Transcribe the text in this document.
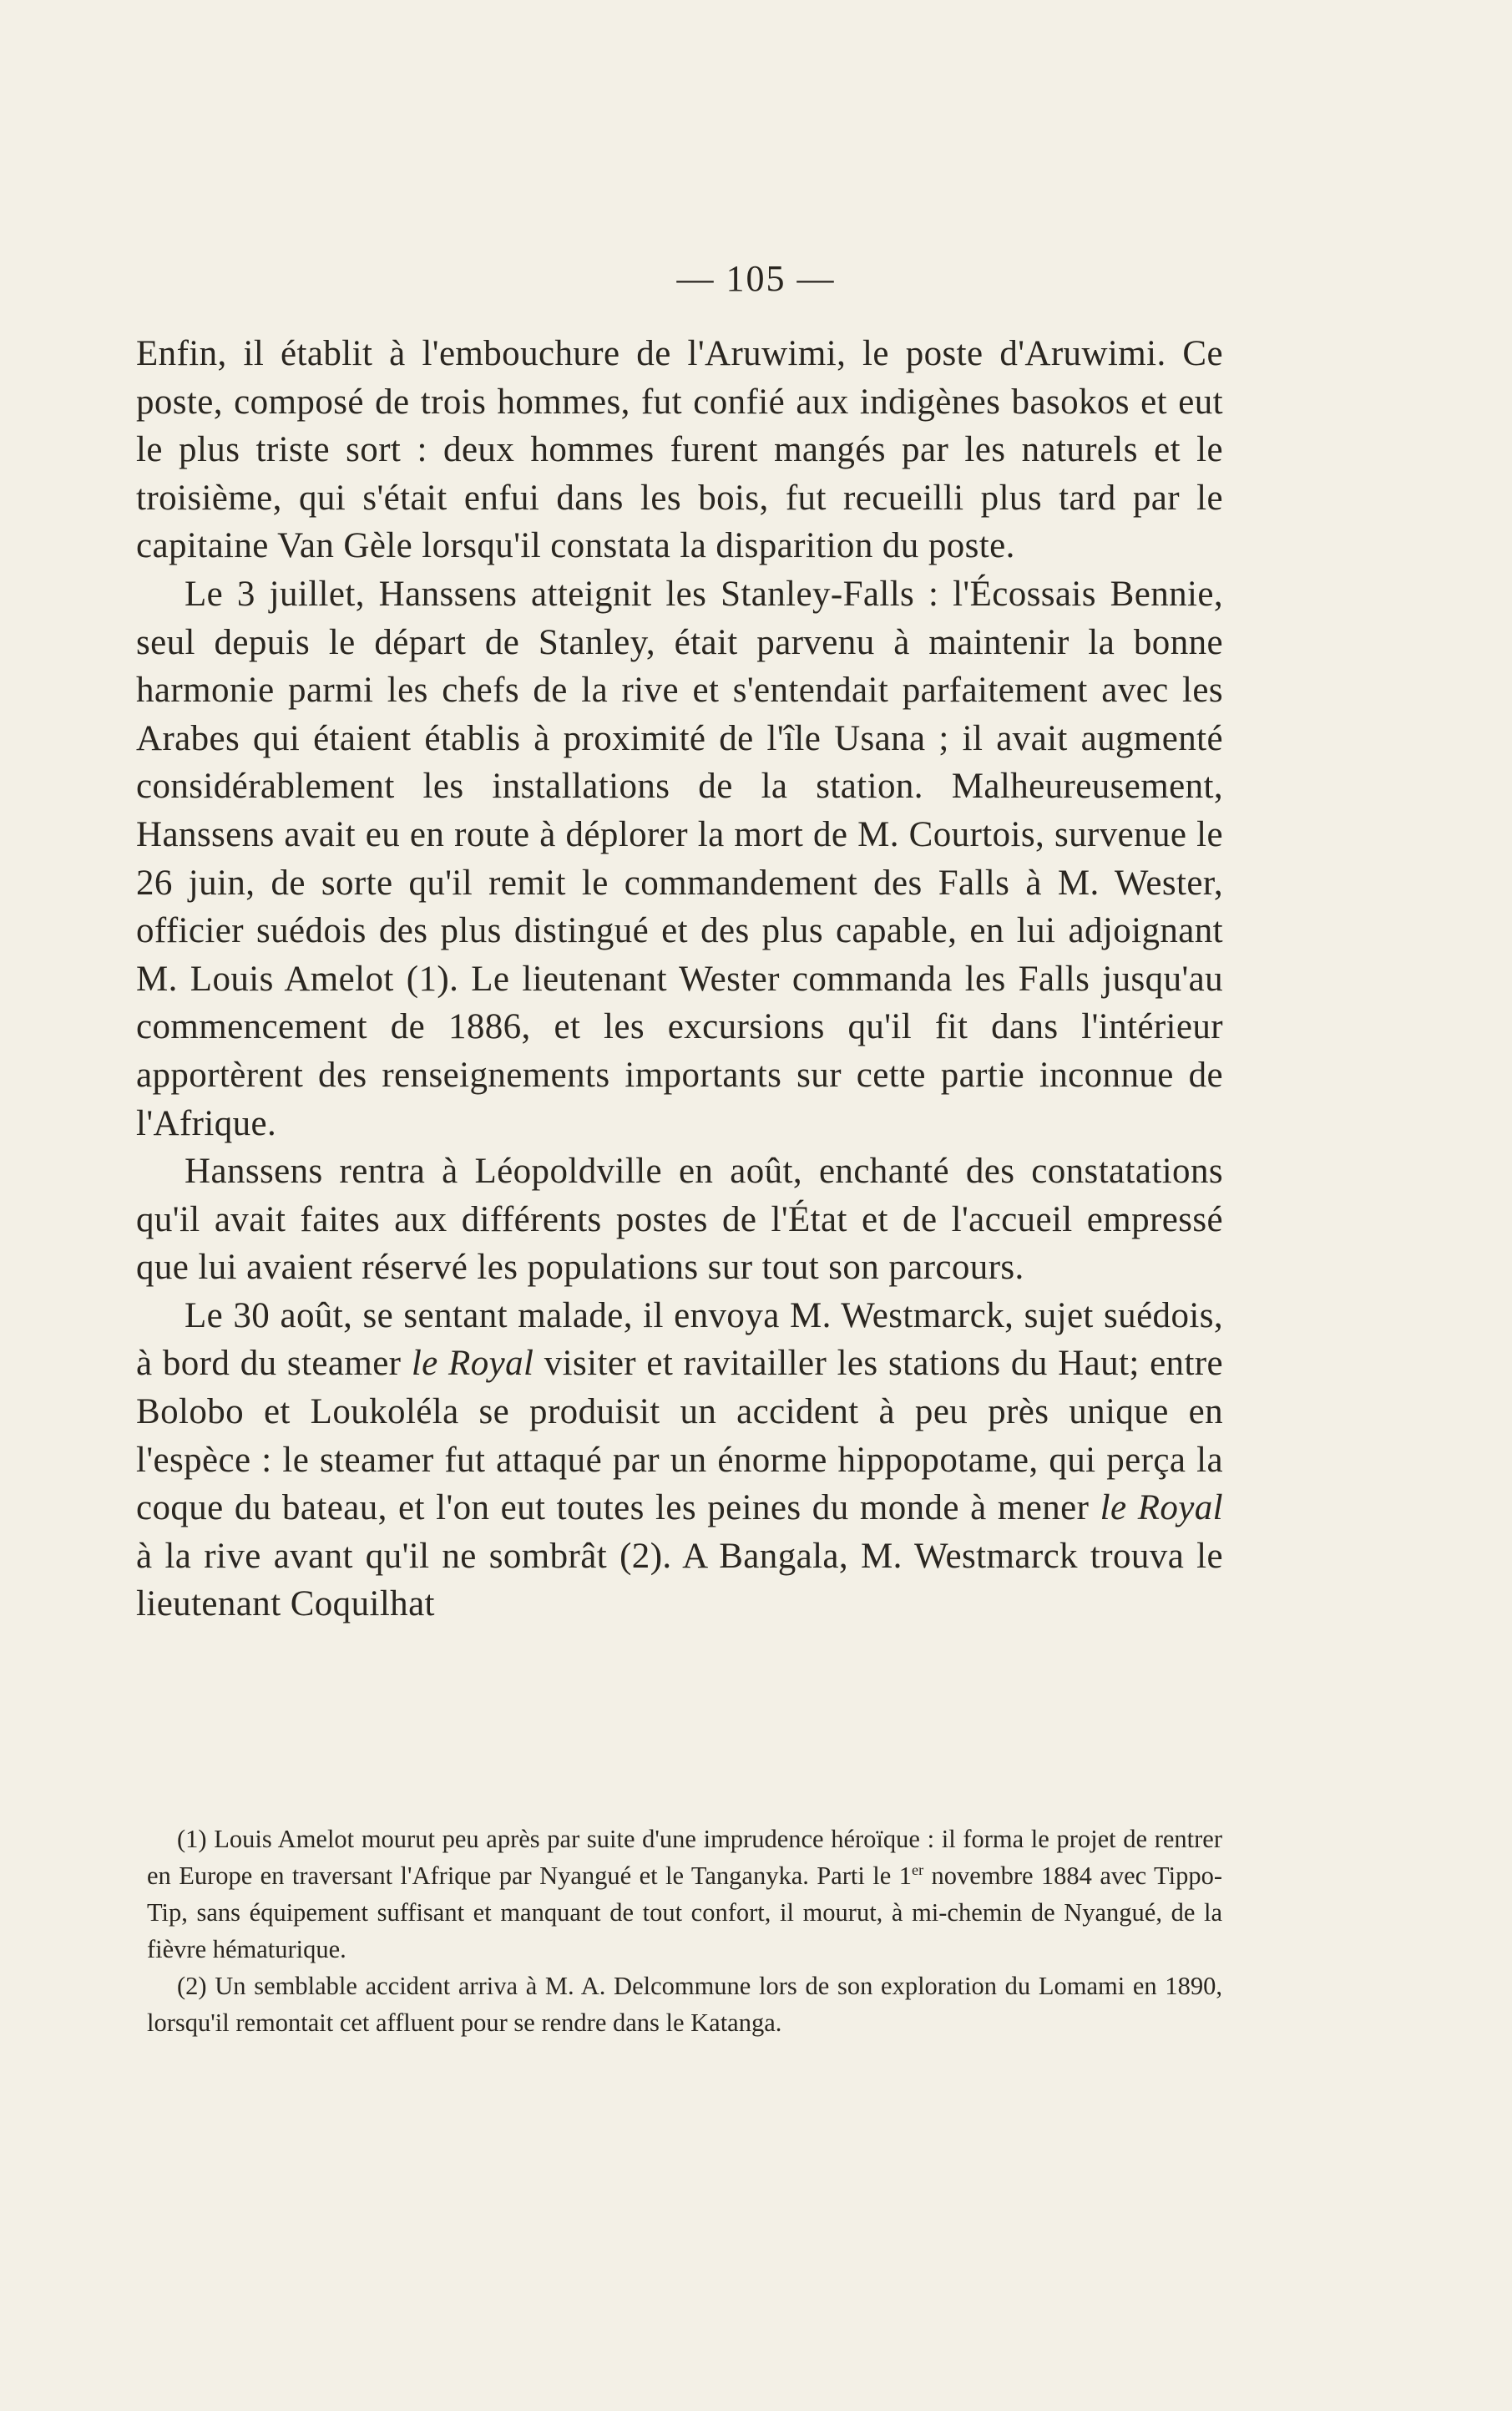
— 105 —

Enfin, il établit à l'embouchure de l'Aruwimi, le poste d'Aruwimi. Ce poste, composé de trois hommes, fut confié aux indigènes basokos et eut le plus triste sort : deux hommes furent mangés par les naturels et le troisième, qui s'était enfui dans les bois, fut recueilli plus tard par le capitaine Van Gèle lorsqu'il constata la disparition du poste.

Le 3 juillet, Hanssens atteignit les Stanley-Falls : l'Écossais Bennie, seul depuis le départ de Stanley, était parvenu à maintenir la bonne harmonie parmi les chefs de la rive et s'entendait parfaitement avec les Arabes qui étaient établis à proximité de l'île Usana ; il avait augmenté considérablement les installations de la station. Malheureusement, Hanssens avait eu en route à déplorer la mort de M. Courtois, survenue le 26 juin, de sorte qu'il remit le commandement des Falls à M. Wester, officier suédois des plus distingué et des plus capable, en lui adjoignant M. Louis Amelot (1). Le lieutenant Wester commanda les Falls jusqu'au commencement de 1886, et les excursions qu'il fit dans l'intérieur apportèrent des renseignements importants sur cette partie inconnue de l'Afrique.

Hanssens rentra à Léopoldville en août, enchanté des constatations qu'il avait faites aux différents postes de l'État et de l'accueil empressé que lui avaient réservé les populations sur tout son parcours.

Le 30 août, se sentant malade, il envoya M. Westmarck, sujet suédois, à bord du steamer le Royal visiter et ravitailler les stations du Haut; entre Bolobo et Loukoléla se produisit un accident à peu près unique en l'espèce : le steamer fut attaqué par un énorme hippopotame, qui perça la coque du bateau, et l'on eut toutes les peines du monde à mener le Royal à la rive avant qu'il ne sombrât (2). A Bangala, M. Westmarck trouva le lieutenant Coquilhat

(1) Louis Amelot mourut peu après par suite d'une imprudence héroïque : il forma le projet de rentrer en Europe en traversant l'Afrique par Nyangué et le Tanganyka. Parti le 1er novembre 1884 avec Tippo-Tip, sans équipement suffisant et manquant de tout confort, il mourut, à mi-chemin de Nyangué, de la fièvre hématurique.

(2) Un semblable accident arriva à M. A. Delcommune lors de son exploration du Lomami en 1890, lorsqu'il remontait cet affluent pour se rendre dans le Katanga.
